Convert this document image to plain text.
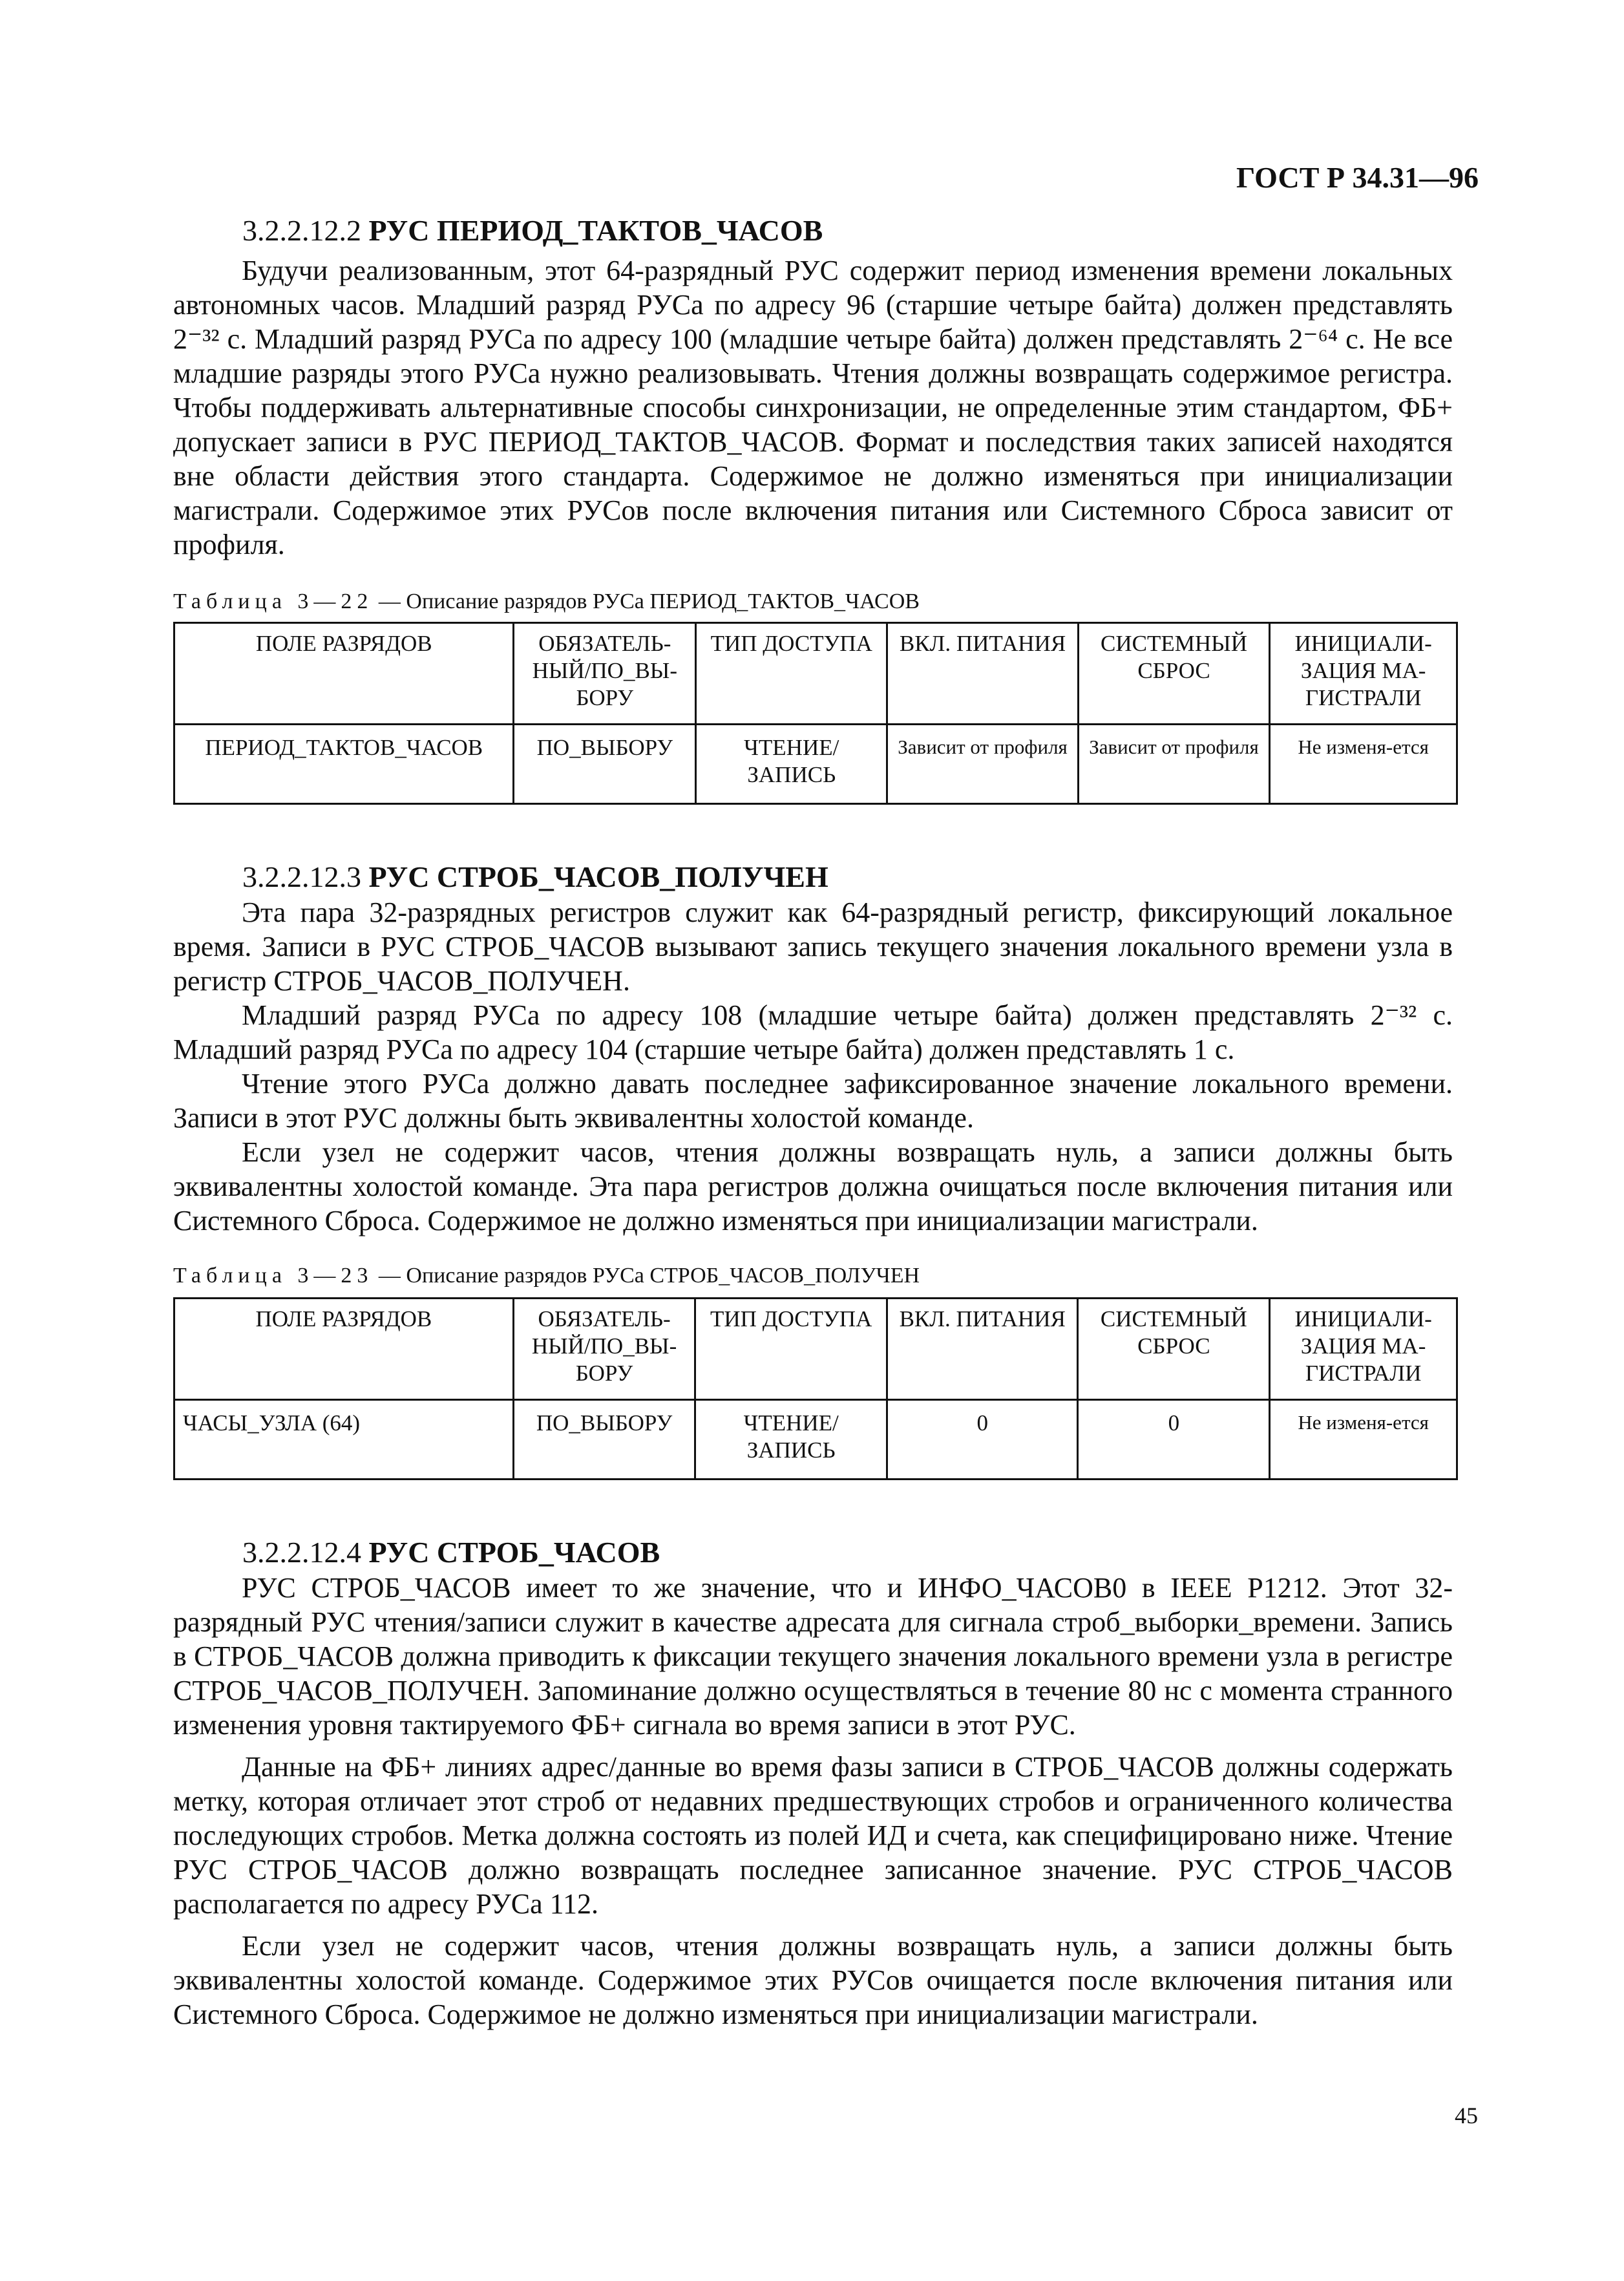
ГОСТ Р 34.31—96
3.2.2.12.2 РУС ПЕРИОД_ТАКТОВ_ЧАСОВ

Будучи реализованным, этот 64-разрядный РУС содержит период изменения времени локальных автономных часов. Младший разряд РУСа по адресу 96 (старшие четыре байта) должен представлять 2⁻³² с. Младший разряд РУСа по адресу 100 (младшие четыре байта) должен представлять 2⁻⁶⁴ с. Не все младшие разряды этого РУСа нужно реализовывать. Чтения должны возвращать содержимое регистра. Чтобы поддерживать альтернативные способы синхронизации, не определенные этим стандартом, ФБ+ допускает записи в РУС ПЕРИОД_ТАКТОВ_ЧАСОВ. Формат и последствия таких записей находятся вне области действия этого стандарта. Содержимое не должно изменяться при инициализации магистрали. Содержимое этих РУСов после включения питания или Системного Сброса зависит от профиля.

Таблица 3—22 — Описание разрядов РУСа ПЕРИОД_ТАКТОВ_ЧАСОВ
ПОЛЕ РАЗРЯДОВ	ОБЯЗАТЕЛЬ-НЫЙ/ПО_ВЫ-БОРУ	ТИП ДОСТУПА	ВКЛ. ПИТАНИЯ	СИСТЕМНЫЙ СБРОС	ИНИЦИАЛИ-ЗАЦИЯ МА-ГИСТРАЛИ
ПЕРИОД_ТАКТОВ_ЧАСОВ	ПО_ВЫБОРУ	ЧТЕНИЕ/ ЗАПИСЬ	Зависит от профиля	Зависит от профиля	Не изменя-ется
3.2.2.12.3 РУС СТРОБ_ЧАСОВ_ПОЛУЧЕН

Эта пара 32-разрядных регистров служит как 64-разрядный регистр, фиксирующий локальное время. Записи в РУС СТРОБ_ЧАСОВ вызывают запись текущего значения локального времени узла в регистр СТРОБ_ЧАСОВ_ПОЛУЧЕН.

Младший разряд РУСа по адресу 108 (младшие четыре байта) должен представлять 2⁻³² с. Младший разряд РУСа по адресу 104 (старшие четыре байта) должен представлять 1 с.

Чтение этого РУСа должно давать последнее зафиксированное значение локального времени. Записи в этот РУС должны быть эквивалентны холостой команде.

Если узел не содержит часов, чтения должны возвращать нуль, а записи должны быть эквивалентны холостой команде. Эта пара регистров должна очищаться после включения питания или Системного Сброса. Содержимое не должно изменяться при инициализации магистрали.

Таблица 3—23 — Описание разрядов РУСа СТРОБ_ЧАСОВ_ПОЛУЧЕН
ПОЛЕ РАЗРЯДОВ	ОБЯЗАТЕЛЬ-НЫЙ/ПО_ВЫ-БОРУ	ТИП ДОСТУПА	ВКЛ. ПИТАНИЯ	СИСТЕМНЫЙ СБРОС	ИНИЦИАЛИ-ЗАЦИЯ МА-ГИСТРАЛИ
ЧАСЫ_УЗЛА (64)	ПО_ВЫБОРУ	ЧТЕНИЕ/ ЗАПИСЬ	0	0	Не изменя-ется
3.2.2.12.4 РУС СТРОБ_ЧАСОВ

РУС СТРОБ_ЧАСОВ имеет то же значение, что и ИНФО_ЧАСОВ0 в IEEE P1212. Этот 32-разрядный РУС чтения/записи служит в качестве адресата для сигнала строб_выборки_времени. Запись в СТРОБ_ЧАСОВ должна приводить к фиксации текущего значения локального времени узла в регистре СТРОБ_ЧАСОВ_ПОЛУЧЕН. Запоминание должно осуществляться в течение 80 нс с момента странного изменения уровня тактируемого ФБ+ сигнала во время записи в этот РУС.

Данные на ФБ+ линиях адрес/данные во время фазы записи в СТРОБ_ЧАСОВ должны содержать метку, которая отличает этот строб от недавних предшествующих стробов и ограниченного количества последующих стробов. Метка должна состоять из полей ИД и счета, как специфицировано ниже. Чтение РУС СТРОБ_ЧАСОВ должно возвращать последнее записанное значение. РУС СТРОБ_ЧАСОВ располагается по адресу РУСа 112.

Если узел не содержит часов, чтения должны возвращать нуль, а записи должны быть эквивалентны холостой команде. Содержимое этих РУСов очищается после включения питания или Системного Сброса. Содержимое не должно изменяться при инициализации магистрали.

45
